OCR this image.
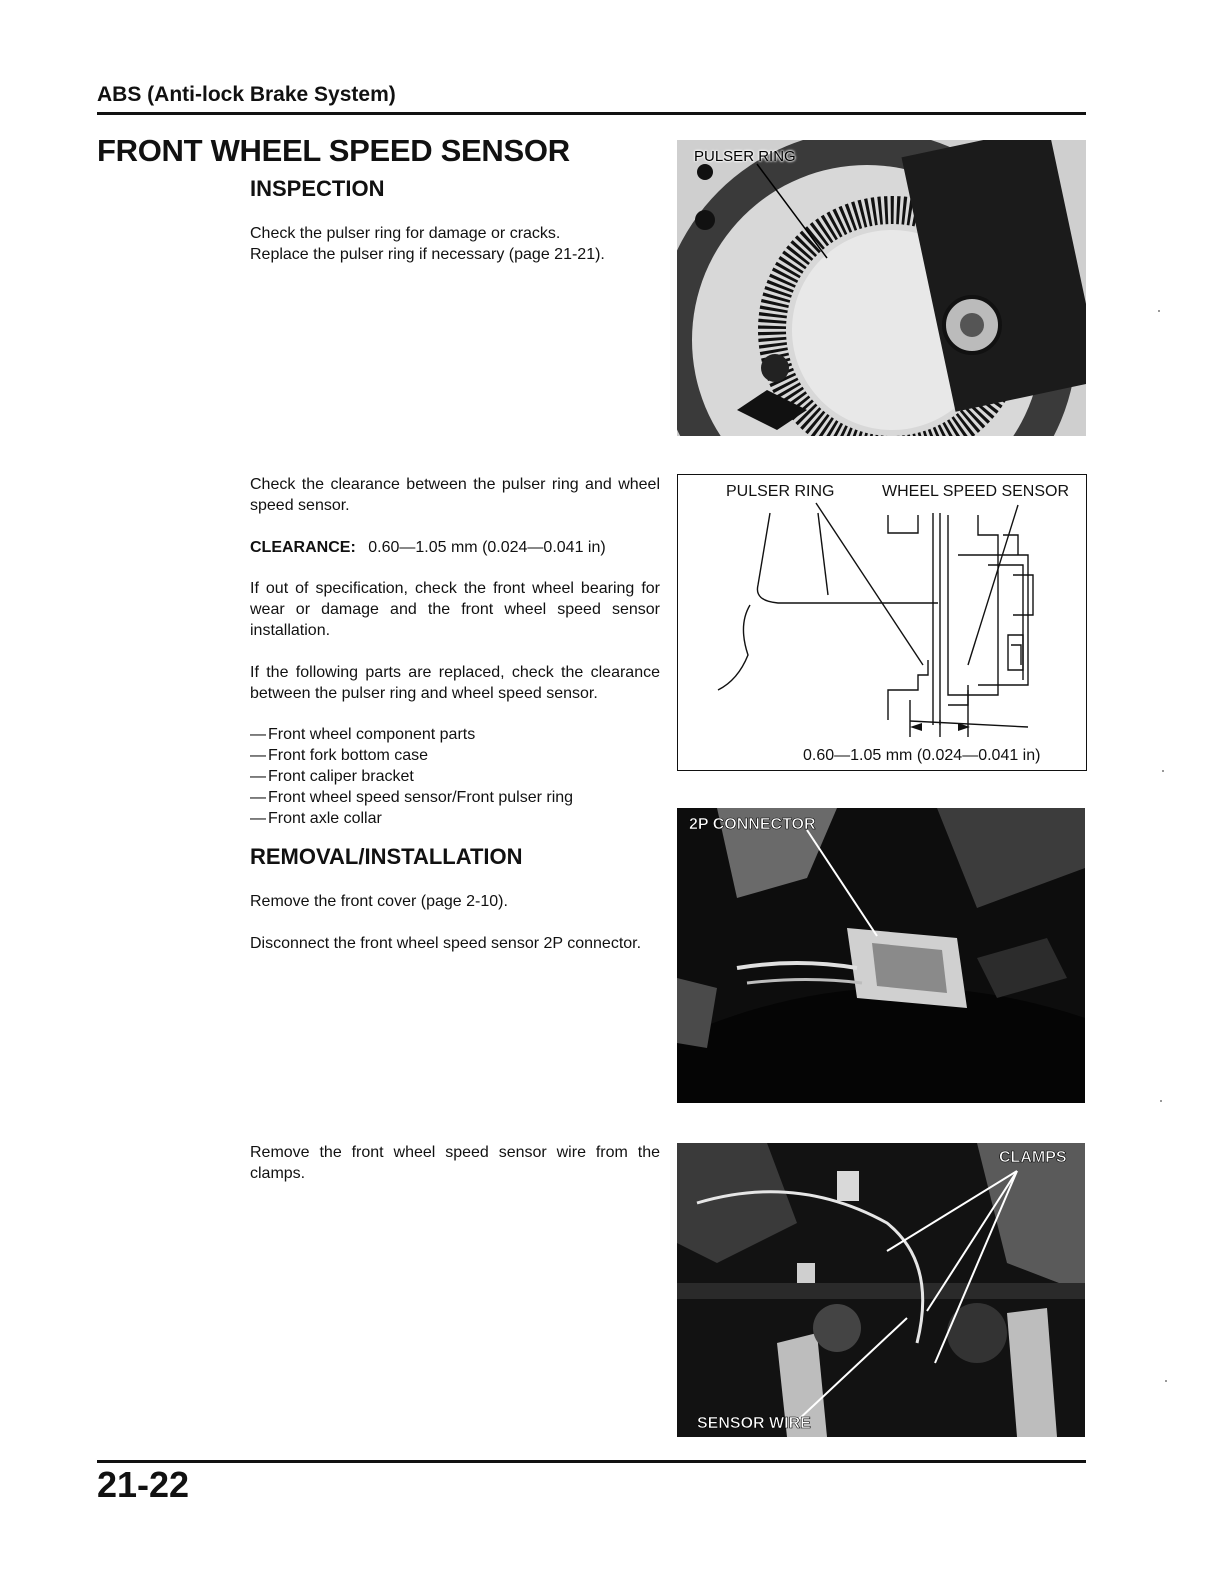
ABS (Anti-lock Brake System)
FRONT WHEEL SPEED SENSOR
INSPECTION
Check the pulser ring for damage or cracks.
Replace the pulser ring if necessary (page 21-21).
Check the clearance between the pulser ring and wheel speed sensor.
CLEARANCE: 0.60—1.05 mm (0.024—0.041 in)
If out of specification, check the front wheel bearing for wear or damage and the front wheel speed sensor installation.
If the following parts are replaced, check the clearance between the pulser ring and wheel speed sensor.
— Front wheel component parts
— Front fork bottom case
— Front caliper bracket
— Front wheel speed sensor/Front pulser ring
— Front axle collar
REMOVAL/INSTALLATION
Remove the front cover (page 2-10).
Disconnect the front wheel speed sensor 2P connector.
Remove the front wheel speed sensor wire from the clamps.
PULSER RING
PULSER RING	WHEEL SPEED SENSOR
0.60—1.05 mm (0.024—0.041 in)
2P CONNECTOR
CLAMPS
SENSOR WIRE
21-22
